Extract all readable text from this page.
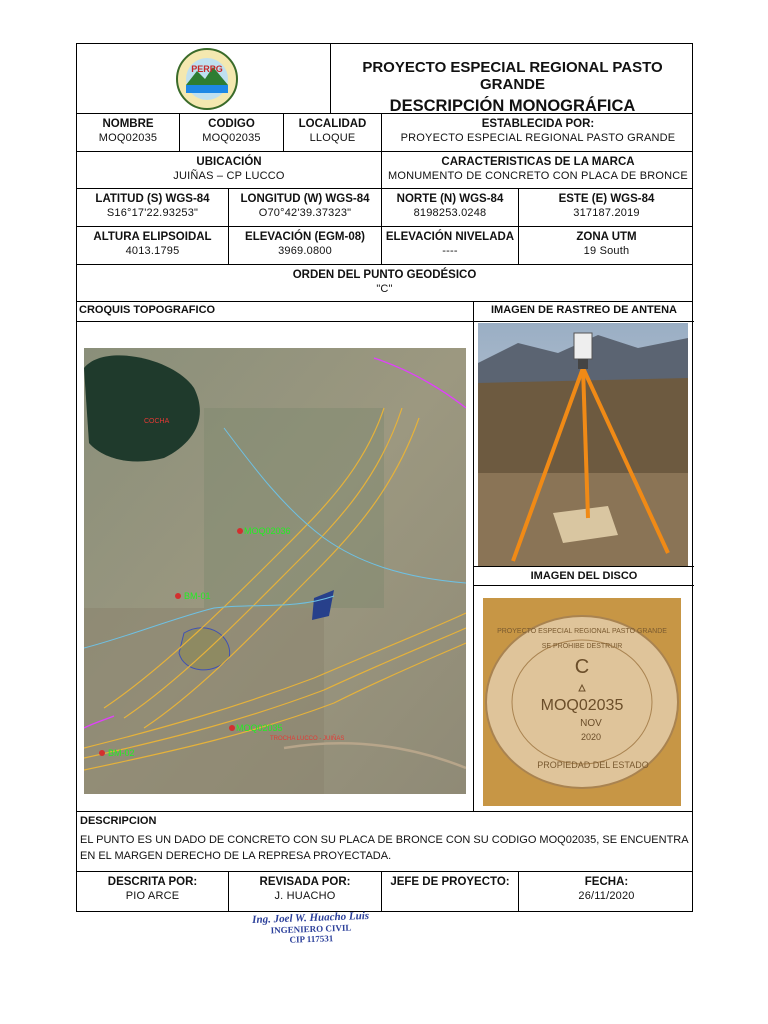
PERPG	PROYECTO ESPECIAL REGIONAL PASTO GRANDE
DESCRIPCIÓN MONOGRÁFICA
NOMBRE
MOQ02035
CODIGO
MOQ02035
LOCALIDAD
LLOQUE
ESTABLECIDA POR:
PROYECTO ESPECIAL REGIONAL PASTO GRANDE
UBICACIÓN
JUIÑAS – CP LUCCO
CARACTERISTICAS DE LA MARCA
MONUMENTO DE CONCRETO CON PLACA DE BRONCE
LATITUD (S) WGS-84
S16°17'22.93253"
LONGITUD (W) WGS-84
O70°42'39.37323"
NORTE (N) WGS-84
8198253.0248
ESTE (E) WGS-84
317187.2019
ALTURA ELIPSOIDAL
4013.1795
ELEVACIÓN (EGM-08)
3969.0800
ELEVACIÓN NIVELADA
----
ZONA UTM
19 South
ORDEN DEL PUNTO GEODÉSICO
"C"
CROQUIS TOPOGRAFICO
COCHA
MOQ02036
BM-01
MOQ02035
TROCHA LUCCO - JUIÑAS
BM-02
IMAGEN DE RASTREO DE ANTENA
IMAGEN DEL DISCO
PROYECTO ESPECIAL REGIONAL PASTO GRANDE
SE PROHIBE DESTRUIR
C
MOQ02035
NOV
2020
PROPIEDAD DEL ESTADO
DESCRIPCION
EL PUNTO ES UN DADO DE CONCRETO CON SU PLACA DE BRONCE CON SU CODIGO MOQ02035, SE ENCUENTRA EN EL MARGEN DERECHO DE LA REPRESA PROYECTADA.
DESCRITA POR:
PIO ARCE
REVISADA POR:
J. HUACHO
JEFE DE PROYECTO:	FECHA:
26/11/2020
Ing. Joel W. Huacho Luis
INGENIERO CIVIL
CIP 117531
